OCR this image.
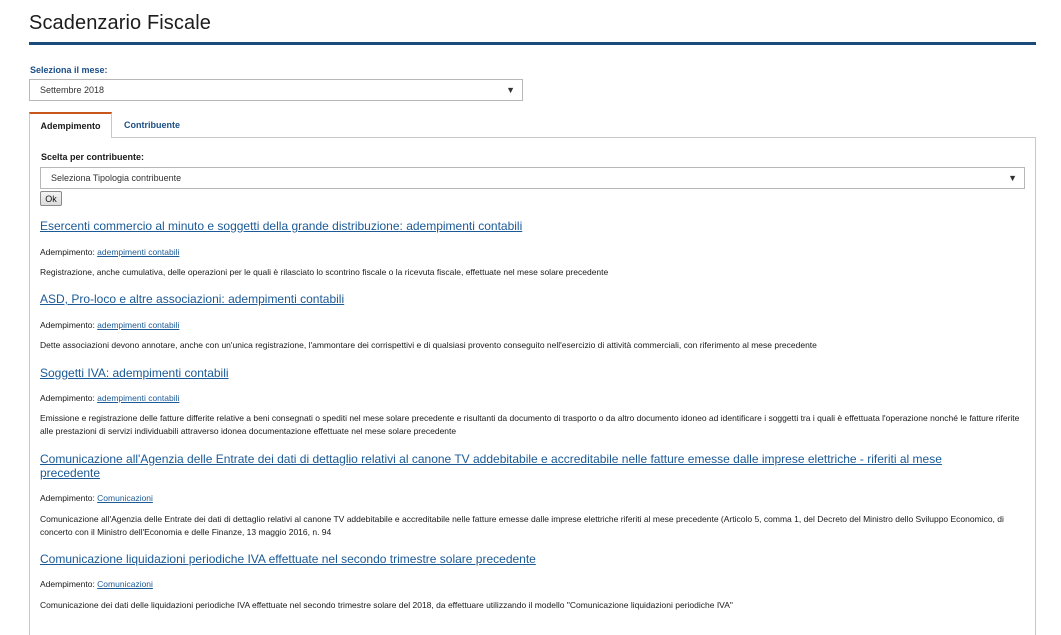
Scadenzario Fiscale
Seleziona il mese:
Settembre 2018	▼
Adempimento	Contribuente
Scelta per contribuente:
Seleziona Tipologia contribuente	▼
Ok
Esercenti commercio al minuto e soggetti della grande distribuzione: adempimenti contabili
Adempimento: adempimenti contabili
Registrazione, anche cumulativa, delle operazioni per le quali è rilasciato lo scontrino fiscale o la ricevuta fiscale, effettuate nel mese solare precedente
ASD, Pro-loco e altre associazioni: adempimenti contabili
Adempimento: adempimenti contabili
Dette associazioni devono annotare, anche con un'unica registrazione, l'ammontare dei corrispettivi e di qualsiasi provento conseguito nell'esercizio di attività commerciali, con riferimento al mese precedente
Soggetti IVA: adempimenti contabili
Adempimento: adempimenti contabili
Emissione e registrazione delle fatture differite relative a beni consegnati o spediti nel mese solare precedente e risultanti da documento di trasporto o da altro documento idoneo ad identificare i soggetti tra i quali è effettuata l'operazione nonché le fatture riferite alle prestazioni di servizi individuabili attraverso idonea documentazione effettuate nel mese solare precedente
Comunicazione all'Agenzia delle Entrate dei dati di dettaglio relativi al canone TV addebitabile e accreditabile nelle fatture emesse dalle imprese elettriche - riferiti al mese precedente
Adempimento: Comunicazioni
Comunicazione all'Agenzia delle Entrate dei dati di dettaglio relativi al canone TV addebitabile e accreditabile nelle fatture emesse dalle imprese elettriche riferiti al mese precedente (Articolo 5, comma 1, del Decreto del Ministro dello Sviluppo Economico, di concerto con il Ministro dell'Economia e delle Finanze, 13 maggio 2016, n. 94
Comunicazione liquidazioni periodiche IVA effettuate nel secondo trimestre solare precedente
Adempimento: Comunicazioni
Comunicazione dei dati delle liquidazioni periodiche IVA effettuate nel secondo trimestre solare del 2018, da effettuare utilizzando il modello "Comunicazione liquidazioni periodiche IVA"
